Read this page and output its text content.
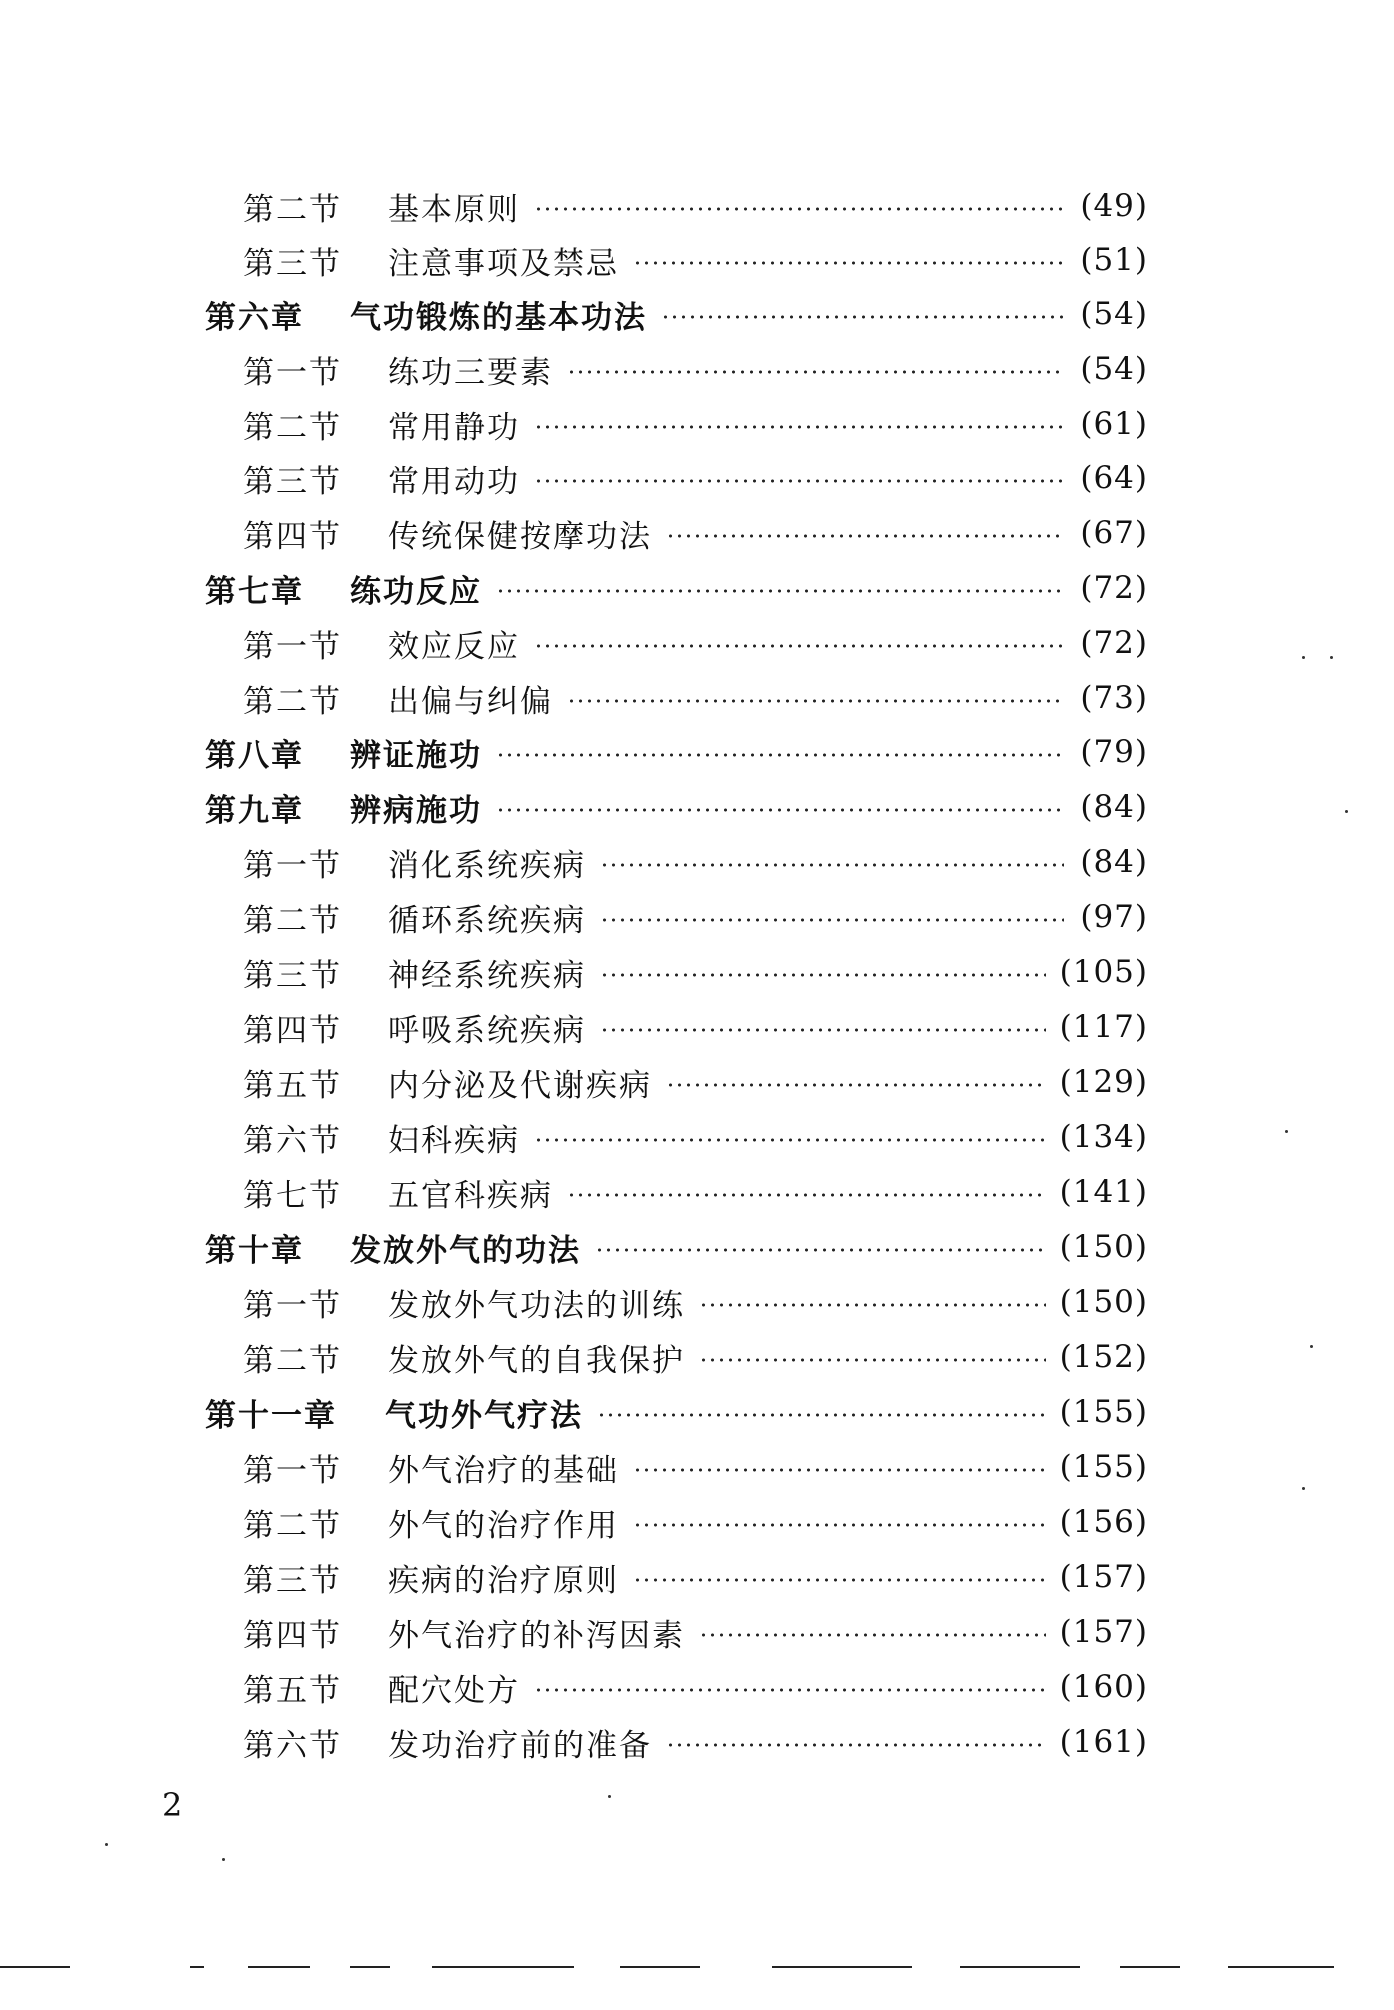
第二节	基本原则	(49)
第三节	注意事项及禁忌	(51)
第六章	气功锻炼的基本功法	(54)
第一节	练功三要素	(54)
第二节	常用静功	(61)
第三节	常用动功	(64)
第四节	传统保健按摩功法	(67)
第七章	练功反应	(72)
第一节	效应反应	(72)
第二节	出偏与纠偏	(73)
第八章	辨证施功	(79)
第九章	辨病施功	(84)
第一节	消化系统疾病	(84)
第二节	循环系统疾病	(97)
第三节	神经系统疾病	(105)
第四节	呼吸系统疾病	(117)
第五节	内分泌及代谢疾病	(129)
第六节	妇科疾病	(134)
第七节	五官科疾病	(141)
第十章	发放外气的功法	(150)
第一节	发放外气功法的训练	(150)
第二节	发放外气的自我保护	(152)
第十一章	气功外气疗法	(155)
第一节	外气治疗的基础	(155)
第二节	外气的治疗作用	(156)
第三节	疾病的治疗原则	(157)
第四节	外气治疗的补泻因素	(157)
第五节	配穴处方	(160)
第六节	发功治疗前的准备	(161)
2
